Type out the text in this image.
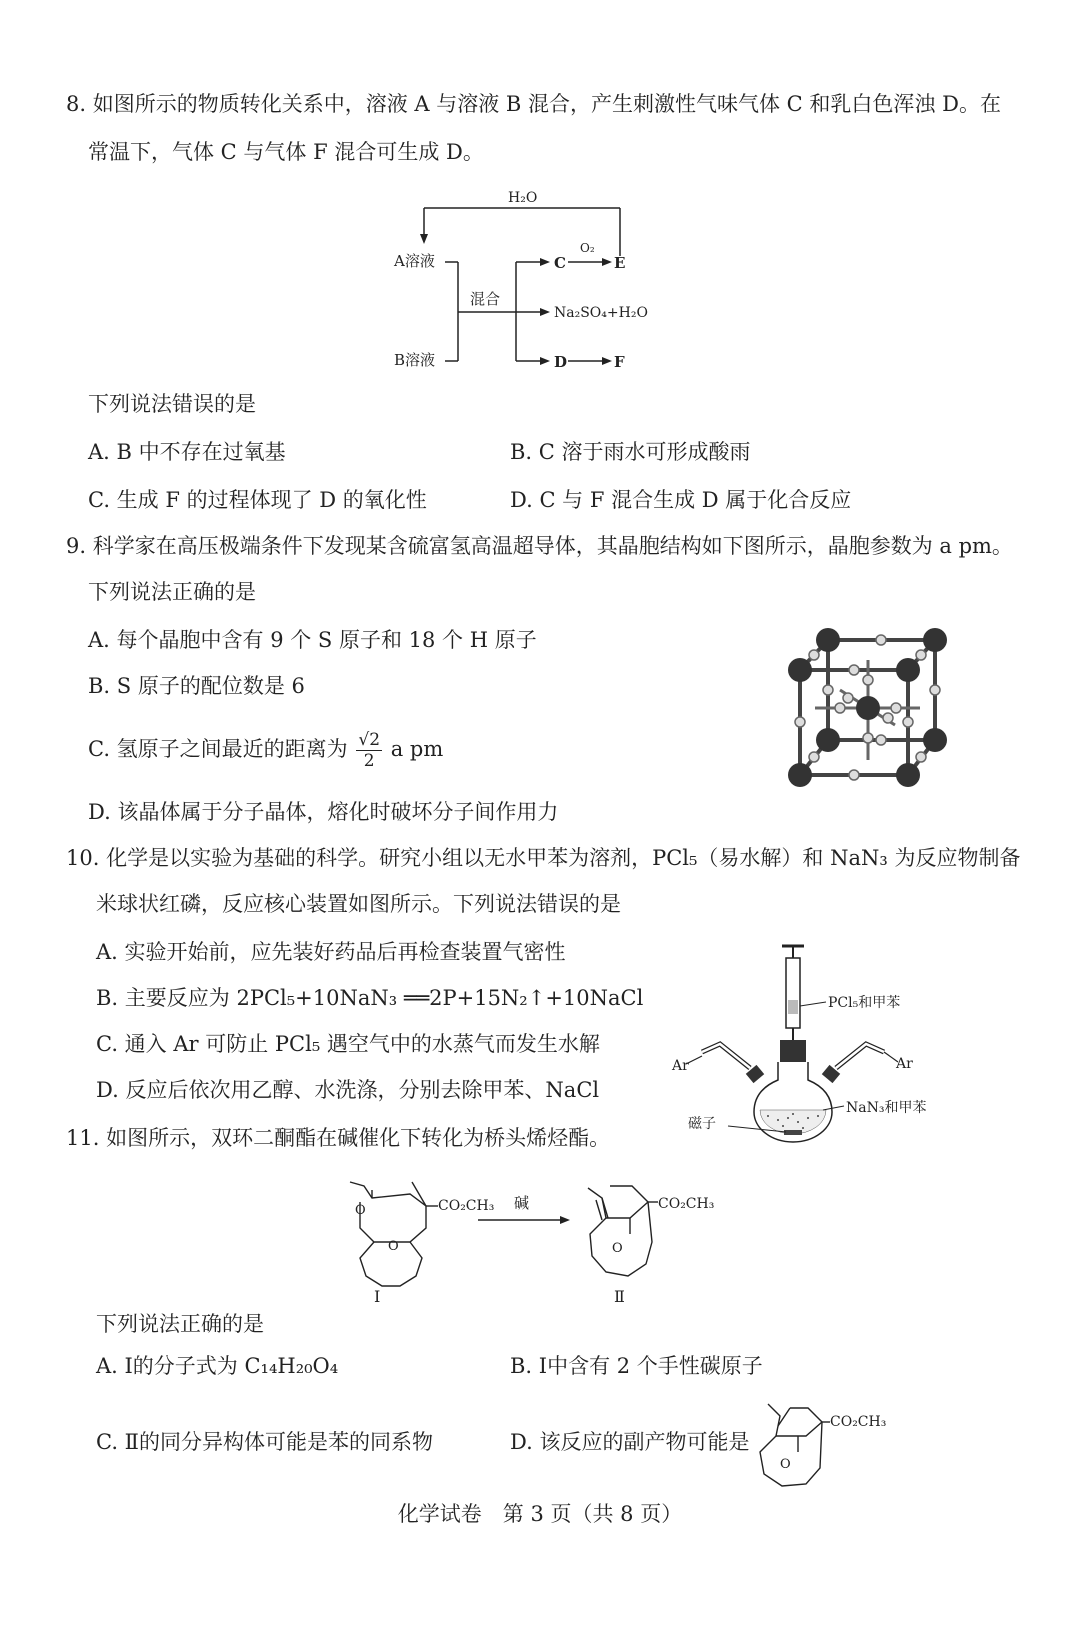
8. 如图所示的物质转化关系中，溶液 A 与溶液 B 混合，产生刺激性气味气体 C 和乳白色浑浊 D。在
常温下，气体 C 与气体 F 混合可生成 D。
H₂O
A溶液
B溶液
混合
C
O₂
E
Na₂SO₄+H₂O
D	F
下列说法错误的是
A. B 中不存在过氧基	B. C 溶于雨水可形成酸雨
C. 生成 F 的过程体现了 D 的氧化性	D. C 与 F 混合生成 D 属于化合反应
9. 科学家在高压极端条件下发现某含硫富氢高温超导体，其晶胞结构如下图所示，晶胞参数为 a pm。
下列说法正确的是
A. 每个晶胞中含有 9 个 S 原子和 18 个 H 原子
B. S 原子的配位数是 6
C. 氢原子之间最近的距离为 $\frac{√2}{2}$ a pm
D. 该晶体属于分子晶体，熔化时破坏分子间作用力
10. 化学是以实验为基础的科学。研究小组以无水甲苯为溶剂，PCl₅（易水解）和 NaN₃ 为反应物制备
米球状红磷，反应核心装置如图所示。下列说法错误的是
A. 实验开始前，应先装好药品后再检查装置气密性
B. 主要反应为 2PCl₅+10NaN₃ ══2P+15N₂↑+10NaCl
C. 通入 Ar 可防止 PCl₅ 遇空气中的水蒸气而发生水解
D. 反应后依次用乙醇、水洗涤，分别去除甲苯、NaCl
PCl₅和甲苯
Ar	Ar
NaN₃和甲苯
磁子
11. 如图所示，双环二酮酯在碱催化下转化为桥头烯烃酯。
O
O
CO₂CH₃
Ⅰ
碱
O
CO₂CH₃
Ⅱ
下列说法正确的是
A. Ⅰ的分子式为 C₁₄H₂₀O₄	B. Ⅰ中含有 2 个手性碳原子
C. Ⅱ的同分异构体可能是苯的同系物	D. 该反应的副产物可能是
O
CO₂CH₃
化学试卷　第 3 页（共 8 页）
